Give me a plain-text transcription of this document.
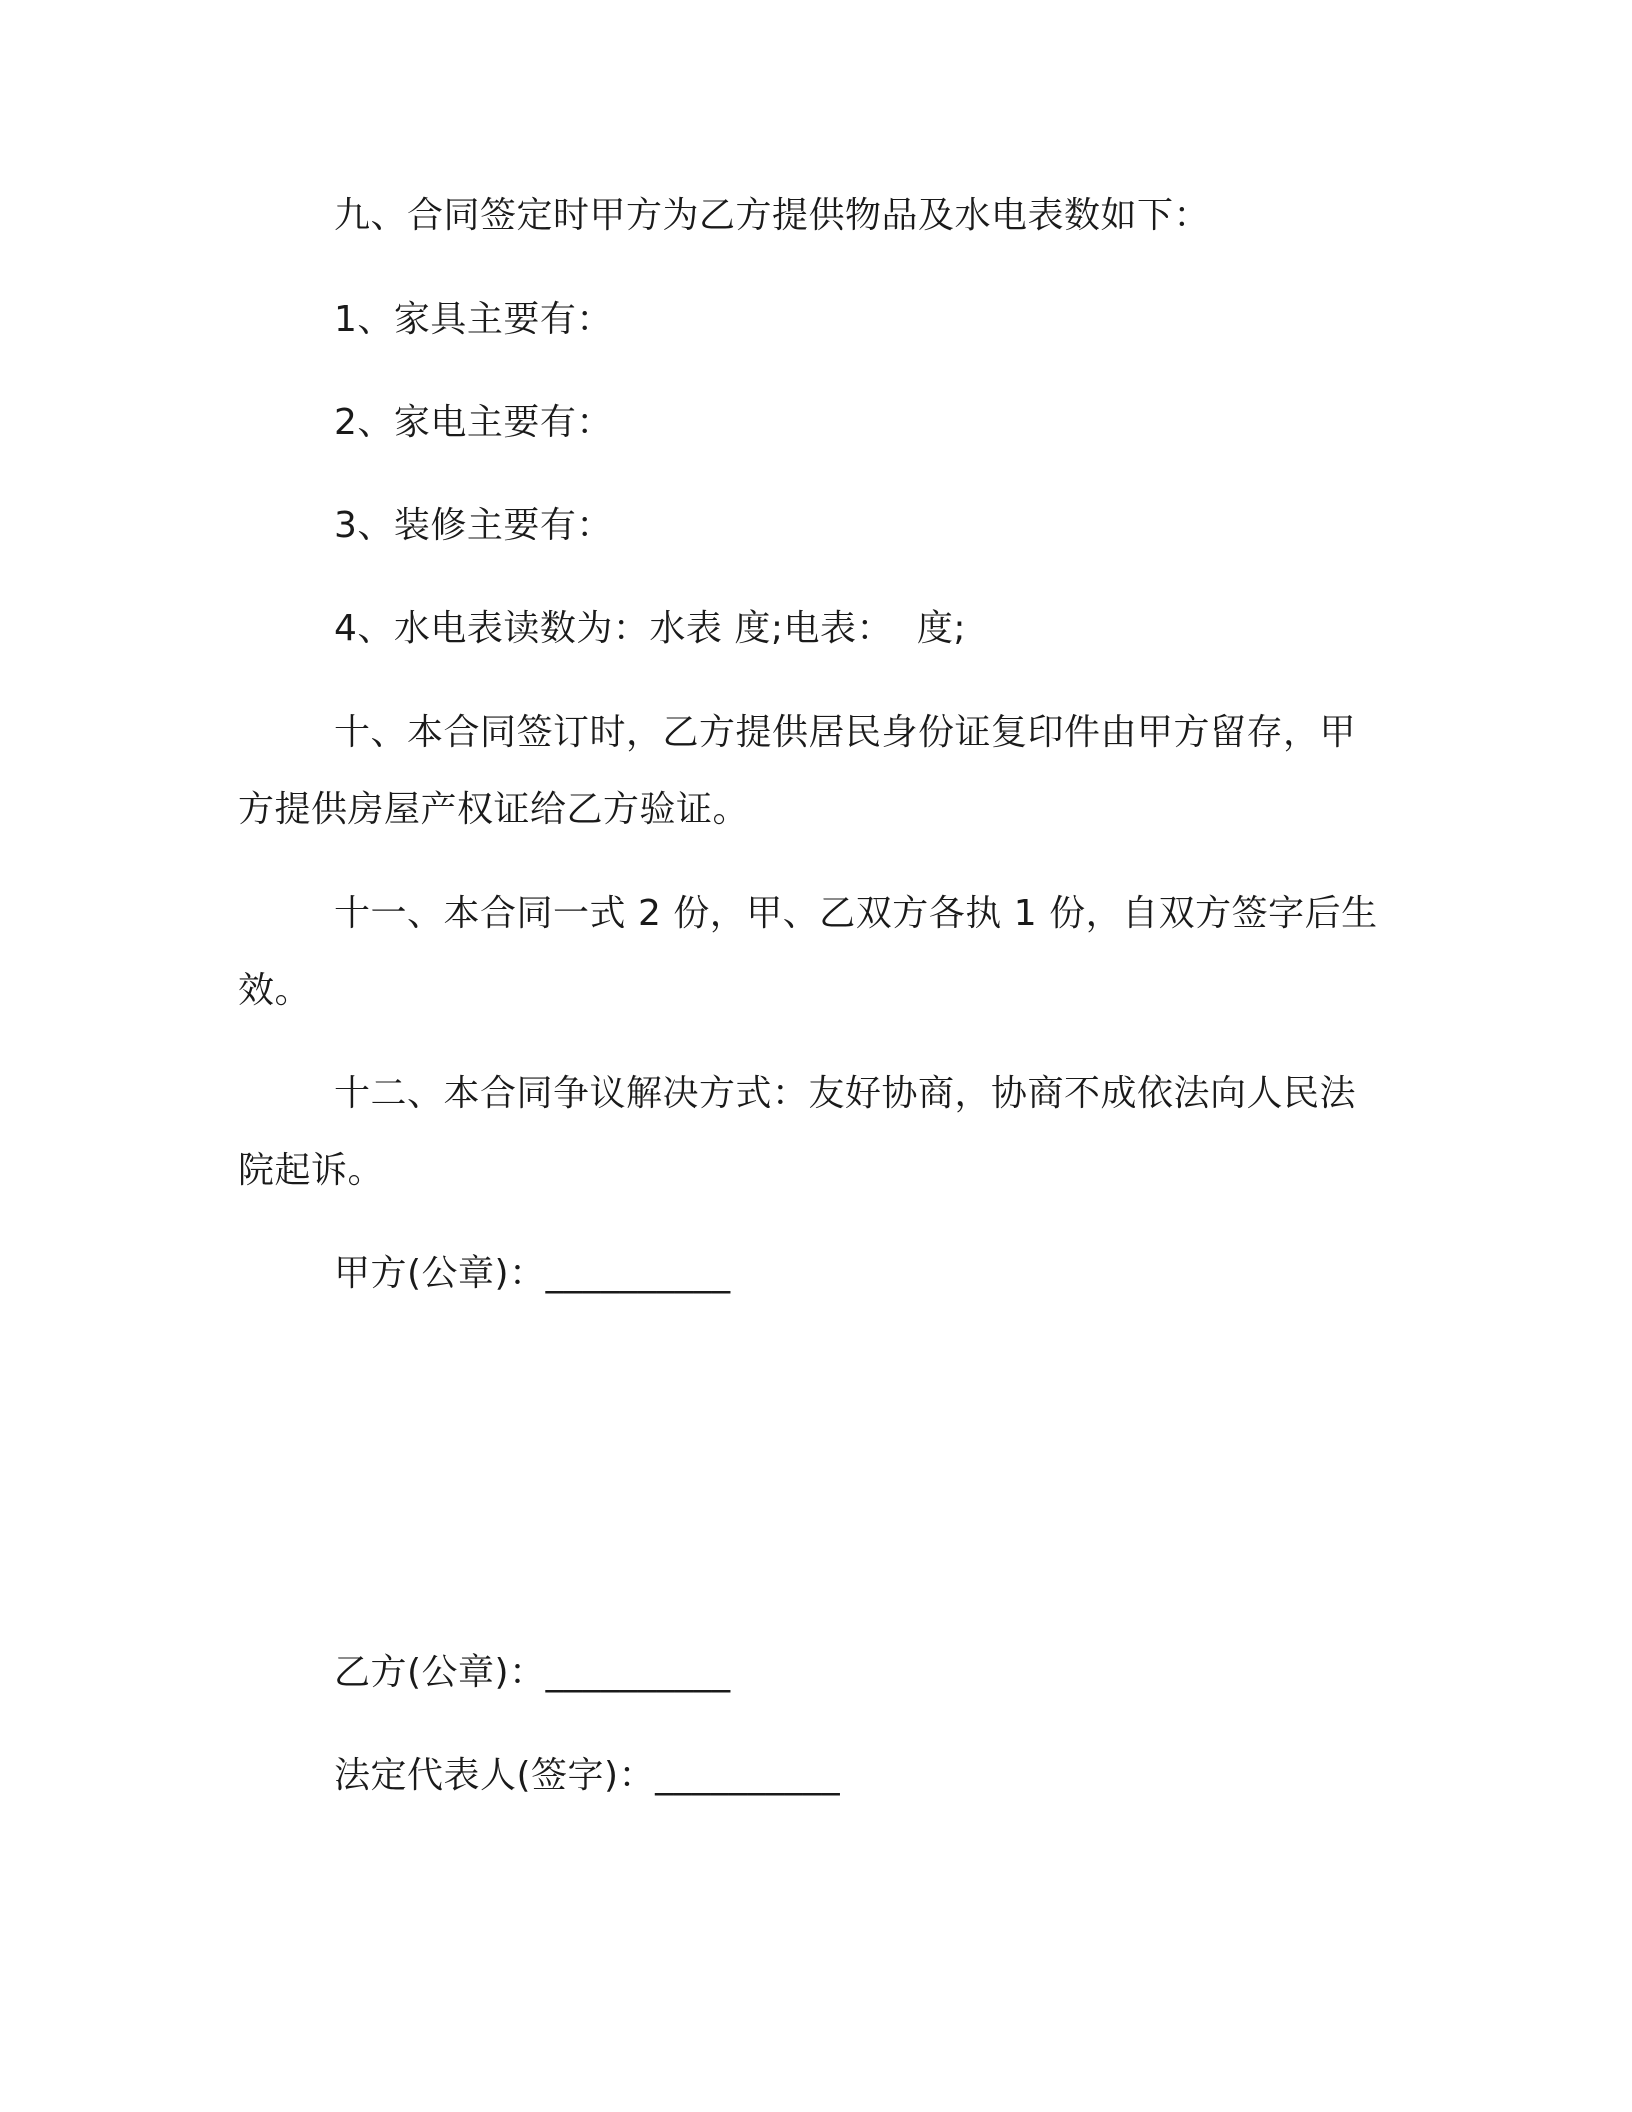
九、合同签定时甲方为乙方提供物品及水电表数如下：
1、家具主要有：
2、家电主要有：
3、装修主要有：
4、水电表读数为：水表 度;电表：  度;
十、本合同签订时，乙方提供居民身份证复印件由甲方留存，甲
方提供房屋产权证给乙方验证。
十一、本合同一式 2 份，甲、乙双方各执 1 份，自双方签字后生
效。
十二、本合同争议解决方式：友好协商，协商不成依法向人民法
院起诉。
甲方(公章)：__________
乙方(公章)：__________
法定代表人(签字)：__________
